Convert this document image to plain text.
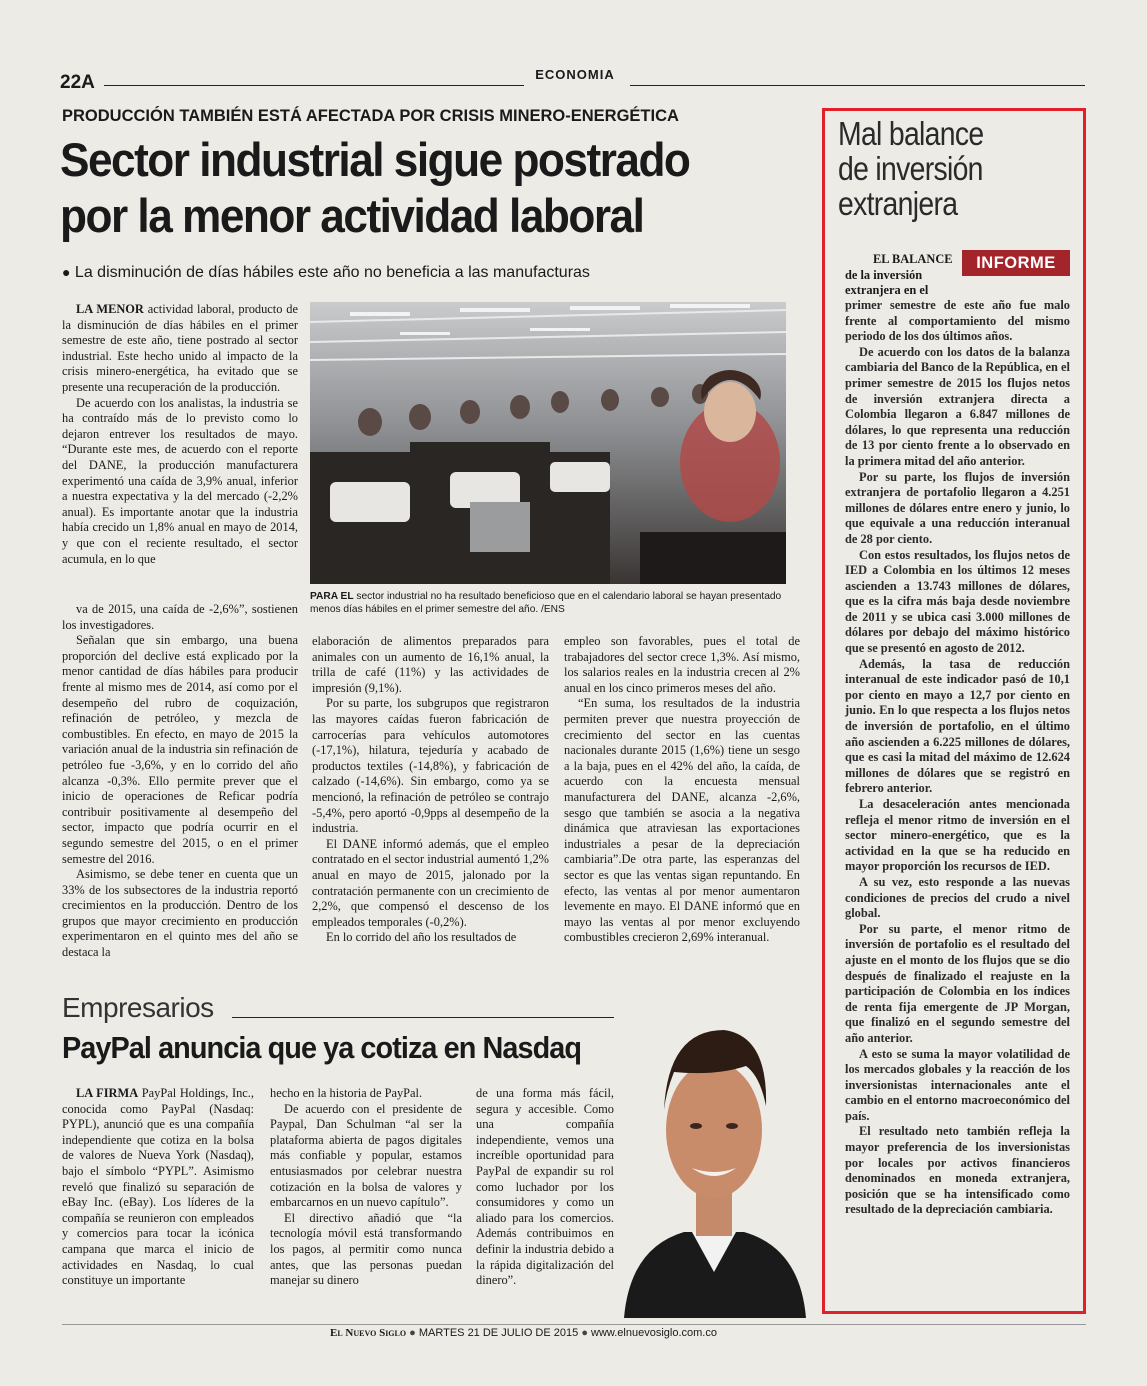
22A	ECONOMIA
PRODUCCIÓN TAMBIÉN ESTÁ AFECTADA POR CRISIS MINERO-ENERGÉTICA
Sector industrial sigue postrado
por la menor actividad laboral
● La disminución de días hábiles este año no beneficia a las manufacturas

LA MENOR actividad laboral, producto de la disminución de días hábiles en el primer semestre de este año, tiene postrado al sector industrial. Este hecho unido al impacto de la crisis minero-energética, ha evitado que se presente una recuperación de la producción.

De acuerdo con los analistas, la industria se ha contraído más de lo previsto como lo dejaron entrever los resultados de mayo. “Durante este mes, de acuerdo con el reporte del DANE, la producción manufacturera experimentó una caída de 3,9% anual, inferior a nuestra expectativa y la del mercado (-2,2% anual). Es importante anotar que la industria había crecido un 1,8% anual en mayo de 2014, y que con el reciente resultado, el sector acumula, en lo que

va de 2015, una caída de -2,6%”, sostienen los investigadores.

Señalan que sin embargo, una buena proporción del declive está explicado por la menor cantidad de días hábiles para producir frente al mismo mes de 2014, así como por el desempeño del rubro de coquización, refinación de petróleo, y mezcla de combustibles. En efecto, en mayo de 2015 la variación anual de la industria sin refinación de petróleo fue -3,6%, y en lo corrido del año alcanza -0,3%. Ello permite prever que el inicio de operaciones de Reficar podría contribuir positivamente al desempeño del sector, impacto que podría ocurrir en el segundo semestre del 2015, o en el primer semestre del 2016.

Asimismo, se debe tener en cuenta que un 33% de los subsectores de la industria reportó crecimientos en la producción. Dentro de los grupos que mayor crecimiento en producción experimentaron en el quinto mes del año se destaca la

PARA EL sector industrial no ha resultado beneficioso que en el calendario laboral se hayan presentado menos días hábiles en el primer semestre del año. /ENS

elaboración de alimentos preparados para animales con un aumento de 16,1% anual, la trilla de café (11%) y las actividades de impresión (9,1%).

Por su parte, los subgrupos que registraron las mayores caídas fueron fabricación de carrocerías para vehículos automotores (-17,1%), hilatura, tejeduría y acabado de productos textiles (-14,8%), y fabricación de calzado (-14,6%). Sin embargo, como ya se mencionó, la refinación de petróleo se contrajo -5,4%, pero aportó -0,9pps al desempeño de la industria.

El DANE informó además, que el empleo contratado en el sector industrial aumentó 1,2% anual en mayo de 2015, jalonado por la contratación permanente con un crecimiento de 2,2%, que compensó el descenso de los empleados temporales (-0,2%).

En lo corrido del año los resultados de

empleo son favorables, pues el total de trabajadores del sector crece 1,3%. Así mismo, los salarios reales en la industria crecen al 2% anual en los cinco primeros meses del año.

“En suma, los resultados de la industria permiten prever que nuestra proyección de crecimiento del sector en las cuentas nacionales durante 2015 (1,6%) tiene un sesgo a la baja, pues en el 42% del año, la caída, de acuerdo con la encuesta mensual manufacturera del DANE, alcanza -2,6%, sesgo que también se asocia a la negativa dinámica que atraviesan las exportaciones industriales a pesar de la depreciación cambiaria”.De otra parte, las esperanzas del sector es que las ventas sigan repuntando. En efecto, las ventas al por menor aumentaron levemente en mayo. El DANE informó que en mayo las ventas al por menor excluyendo combustibles crecieron 2,69% interanual.

Empresarios
PayPal anuncia que ya cotiza en Nasdaq

LA FIRMA PayPal Holdings, Inc., conocida como PayPal (Nasdaq: PYPL), anunció que es una compañía independiente que cotiza en la bolsa de valores de Nueva York (Nasdaq), bajo el símbolo “PYPL”. Asimismo reveló que finalizó su separación de eBay Inc. (eBay). Los líderes de la compañía se reunieron con empleados y comercios para tocar la icónica campana que marca el inicio de actividades en Nasdaq, lo cual constituye un importante

hecho en la historia de PayPal.

De acuerdo con el presidente de Paypal, Dan Schulman “al ser la plataforma abierta de pagos digitales más confiable y popular, estamos entusiasmados por celebrar nuestra cotización en la bolsa de valores y embarcarnos en un nuevo capítulo”.

El directivo añadió que “la tecnología móvil está transformando los pagos, al permitir como nunca antes, que las personas puedan manejar su dinero

de una forma más fácil, segura y accesible. Como una compañía independiente, vemos una increíble oportunidad para PayPal de expandir su rol como luchador por los consumidores y como un aliado para los comercios. Además contribuimos en definir la industria debido a la rápida digitalización del dinero”.

Mal balance
de inversión
extranjera
INFORME
EL BALANCE
de la inversión
extranjera en el

primer semestre de este año fue malo frente al comportamiento del mismo periodo de los dos últimos años.

De acuerdo con los datos de la balanza cambiaria del Banco de la República, en el primer semestre de 2015 los flujos netos de inversión extranjera directa a Colombia llegaron a 6.847 millones de dólares, lo que representa una reducción de 13 por ciento frente a lo observado en la primera mitad del año anterior.

Por su parte, los flujos de inversión extranjera de portafolio llegaron a 4.251 millones de dólares entre enero y junio, lo que equivale a una reducción interanual de 28 por ciento.

Con estos resultados, los flujos netos de IED a Colombia en los últimos 12 meses ascienden a 13.743 millones de dólares, que es la cifra más baja desde noviembre de 2011 y se ubica casi 3.000 millones de dólares por debajo del máximo histórico que se presentó en agosto de 2012.

Además, la tasa de reducción interanual de este indicador pasó de 10,1 por ciento en mayo a 12,7 por ciento en junio. En lo que respecta a los flujos netos de inversión de portafolio, en el último año ascienden a 6.225 millones de dólares, que es casi la mitad del máximo de 12.624 millones de dólares que se registró en febrero anterior.

La desaceleración antes mencionada refleja el menor ritmo de inversión en el sector minero-energético, que es la actividad en la que se ha reducido en mayor proporción los recursos de IED.

A su vez, esto responde a las nuevas condiciones de precios del crudo a nivel global.

Por su parte, el menor ritmo de inversión de portafolio es el resultado del ajuste en el monto de los flujos que se dio después de finalizado el reajuste en la participación de Colombia en los índices de renta fija emergente de JP Morgan, que finalizó en el segundo semestre del año anterior.

A esto se suma la mayor volatilidad de los mercados globales y la reacción de los inversionistas internacionales ante el cambio en el entorno macroeconómico del país.

El resultado neto también refleja la mayor preferencia de los inversionistas por locales por activos financieros denominados en moneda extranjera, posición que se ha intensificado como resultado de la depreciación cambiaria.

El Nuevo Siglo ● MARTES 21 DE JULIO DE 2015 ● www.elnuevosiglo.com.co
